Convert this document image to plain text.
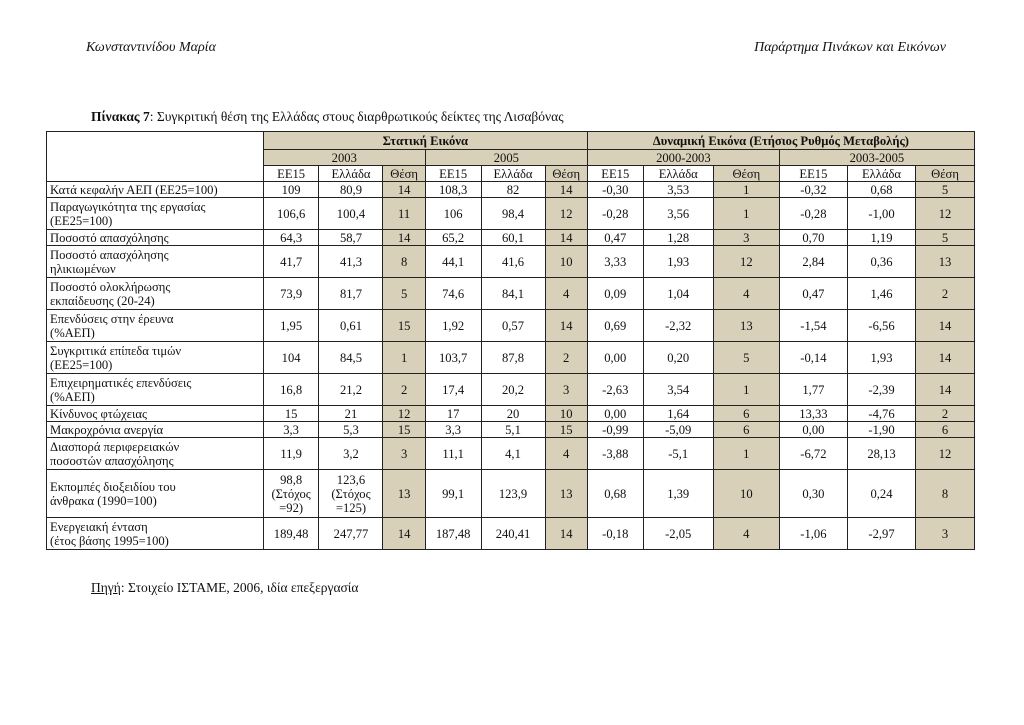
Κωνσταντινίδου Μαρία	Παράρτημα Πινάκων και Εικόνων
Πίνακας 7: Συγκριτική θέση της Ελλάδας στους διαρθρωτικούς δείκτες της Λισαβόνας
	Στατική Εικόνα						Δυναμική Εικόνα (Ετήσιος Ρυθμός Μεταβολής)					
	2003			2005			2000-2003			2003-2005		
	ΕΕ15	Ελλάδα	Θέση	ΕΕ15	Ελλάδα	Θέση	ΕΕ15	Ελλάδα	Θέση	ΕΕ15	Ελλάδα	Θέση
Κατά κεφαλήν ΑΕΠ (ΕΕ25=100)	109	80,9	14	108,3	82	14	-0,30	3,53	1	-0,32	0,68	5
Παραγωγικότητα της εργασίας
(ΕΕ25=100)	106,6	100,4	11	106	98,4	12	-0,28	3,56	1	-0,28	-1,00	12
Ποσοστό απασχόλησης	64,3	58,7	14	65,2	60,1	14	0,47	1,28	3	0,70	1,19	5
Ποσοστό απασχόλησης
ηλικιωμένων	41,7	41,3	8	44,1	41,6	10	3,33	1,93	12	2,84	0,36	13
Ποσοστό ολοκλήρωσης
εκπαίδευσης (20-24)	73,9	81,7	5	74,6	84,1	4	0,09	1,04	4	0,47	1,46	2
Επενδύσεις στην έρευνα
(%ΑΕΠ)	1,95	0,61	15	1,92	0,57	14	0,69	-2,32	13	-1,54	-6,56	14
Συγκριτικά επίπεδα τιμών
(ΕΕ25=100)	104	84,5	1	103,7	87,8	2	0,00	0,20	5	-0,14	1,93	14
Επιχειρηματικές επενδύσεις
(%ΑΕΠ)	16,8	21,2	2	17,4	20,2	3	-2,63	3,54	1	1,77	-2,39	14
Κίνδυνος φτώχειας	15	21	12	17	20	10	0,00	1,64	6	13,33	-4,76	2
Μακροχρόνια ανεργία	3,3	5,3	15	3,3	5,1	15	-0,99	-5,09	6	0,00	-1,90	6
Διασπορά περιφερειακών
ποσοστών απασχόλησης	11,9	3,2	3	11,1	4,1	4	-3,88	-5,1	1	-6,72	28,13	12
Εκπομπές διοξειδίου του
άνθρακα (1990=100)	98,8
(Στόχος
=92)	123,6
(Στόχος
=125)	13	99,1	123,9	13	0,68	1,39	10	0,30	0,24	8
Ενεργειακή ένταση
(έτος βάσης 1995=100)	189,48	247,77	14	187,48	240,41	14	-0,18	-2,05	4	-1,06	-2,97	3
Πηγή: Στοιχείο ΙΣΤΑΜΕ, 2006, ιδία επεξεργασία
